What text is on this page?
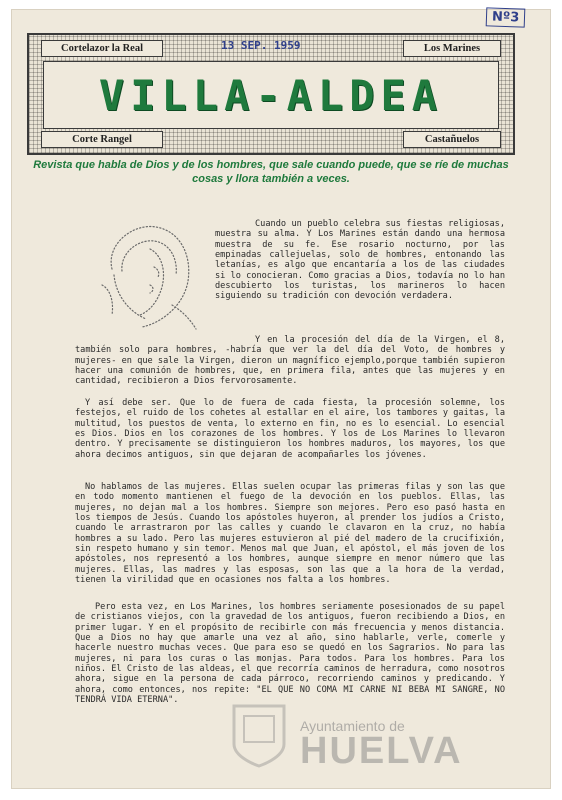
Nº3
Cortelazor la Real	13 SEP. 1959	Los Marines
VILLA-ALDEA
Corte Rangel	Castañuelos
Revista que habla de Dios y de los hombres, que sale cuando puede, que se ríe de muchas cosas y llora también a veces.

Cuando un pueblo celebra sus fiestas religiosas, muestra su alma. Y Los Marines están dando una hermosa muestra de su fe. Ese rosario nocturno, por las empinadas callejuelas, solo de hombres, entonando las letanías, es algo que encantaría a los de las ciudades si lo conocieran. Como gracias a Dios, todavía no lo han descubierto los turistas, los marineros lo hacen siguiendo su tradición con devoción verdadera.

Y en la procesión del día de la Virgen, el 8, también solo para hombres, -habría que ver la del día del Voto, de hombres y mujeres- en que sale la Virgen, dieron un magnífico ejemplo,porque también supieron hacer una comunión de hombres, que, en primera fila, antes que las mujeres y en cantidad, recibieron a Dios fervorosamente.

Y así debe ser. Que lo de fuera de cada fiesta, la procesión solemne, los festejos, el ruido de los cohetes al estallar en el aire, los tambores y gaitas, la multitud, los puestos de venta, lo externo en fin, no es lo esencial. Lo esencial es Dios. Dios en los corazones de los hombres. Y los de Los Marines lo llevaron dentro. Y precisamente se distinguieron los hombres maduros, los mayores, los que ahora decimos antiguos, sin que dejaran de acompañarles los jóvenes.

No hablamos de las mujeres. Ellas suelen ocupar las primeras filas y son las que en todo momento mantienen el fuego de la devoción en los pueblos. Ellas, las mujeres, no dejan mal a los hombres. Siempre son mejores. Pero eso pasó hasta en los tiempos de Jesús. Cuando los apóstoles huyeron, al prender los judíos a Cristo, cuando le arrastraron por las calles y cuando le clavaron en la cruz, no había hombres a su lado. Pero las mujeres estuvieron al pié del madero de la crucifixión, sin respeto humano y sin temor. Menos mal que Juan, el apóstol, el más joven de los apóstoles, nos representó a los hombres, aunque siempre en menor número que las mujeres. Ellas, las madres y las esposas, son las que a la hora de la verdad, tienen la virilidad que en ocasiones nos falta a los hombres.

Pero esta vez, en Los Marines, los hombres seriamente posesionados de su papel de cristianos viejos, con la gravedad de los antiguos, fueron recibiendo a Dios, en primer lugar. Y en el propósito de recibirle con más frecuencia y menos distancia. Que a Dios no hay que amarle una vez al año, sino hablarle, verle, comerle y hacerle nuestro muchas veces. Que para eso se quedó en los Sagrarios. No para las mujeres, ni para los curas o las monjas. Para todos. Para los hombres. Para los niños. El Cristo de las aldeas, el que recorría caminos de herradura, como nosotros ahora, sigue en la persona de cada párroco, recorriendo caminos y predicando. Y ahora, como entonces, nos repite: "EL QUE NO COMA MI CARNE NI BEBA MI SANGRE, NO TENDRÁ VIDA ETERNA".

Ayuntamiento de
HUELVA
